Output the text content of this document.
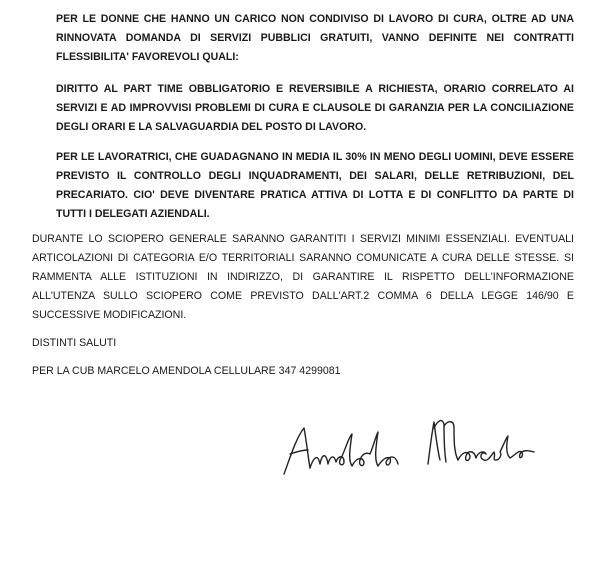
PER LE DONNE CHE HANNO UN CARICO NON CONDIVISO DI LAVORO DI CURA, OLTRE AD UNA RINNOVATA DOMANDA DI SERVIZI PUBBLICI GRATUITI, VANNO DEFINITE NEI CONTRATTI FLESSIBILITA' FAVOREVOLI QUALI:

DIRITTO AL PART TIME OBBLIGATORIO E REVERSIBILE A RICHIESTA, ORARIO CORRELATO AI SERVIZI E AD IMPROVVISI PROBLEMI DI CURA E CLAUSOLE DI GARANZIA PER LA CONCILIAZIONE DEGLI ORARI E LA SALVAGUARDIA DEL POSTO DI LAVORO.

PER LE LAVORATRICI, CHE GUADAGNANO IN MEDIA IL 30% IN MENO DEGLI UOMINI, DEVE ESSERE PREVISTO IL CONTROLLO DEGLI INQUADRAMENTI, DEI SALARI, DELLE RETRIBUZIONI, DEL PRECARIATO. CIO' DEVE DIVENTARE PRATICA ATTIVA DI LOTTA E DI CONFLITTO DA PARTE DI TUTTI I DELEGATI AZIENDALI.

DURANTE LO SCIOPERO GENERALE SARANNO GARANTITI I SERVIZI MINIMI ESSENZIALI. EVENTUALI ARTICOLAZIONI DI CATEGORIA E/O TERRITORIALI SARANNO COMUNICATE A CURA DELLE STESSE. SI RAMMENTA ALLE ISTITUZIONI IN INDIRIZZO, DI GARANTIRE IL RISPETTO DELL'INFORMAZIONE ALL'UTENZA SULLO SCIOPERO COME PREVISTO DALL'ART.2 COMMA 6 DELLA LEGGE 146/90 E SUCCESSIVE MODIFICAZIONI.

DISTINTI SALUTI

PER LA CUB MARCELO AMENDOLA CELLULARE 347 4299081
